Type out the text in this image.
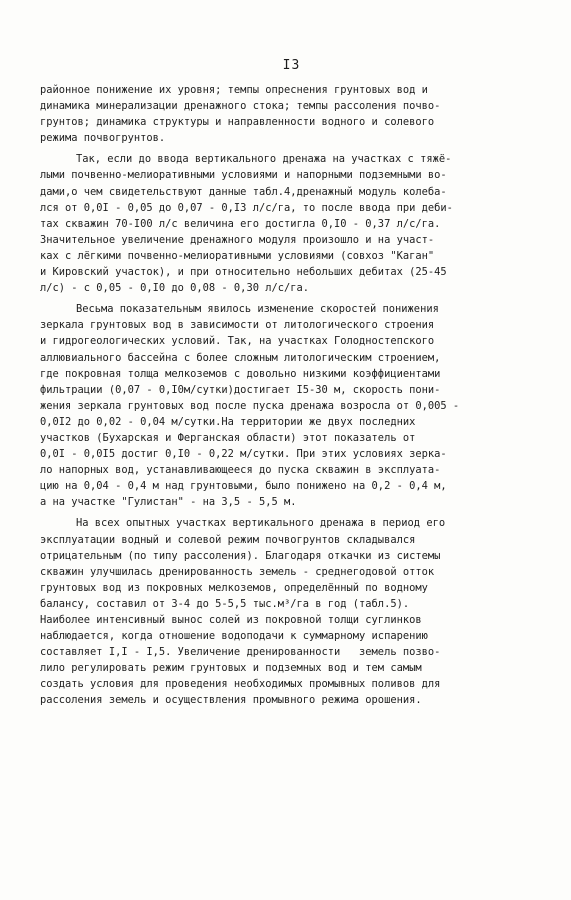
I3
районное понижение их уровня; темпы опреснения грунтовых вод и
динамика минерализации дренажного стока; темпы рассоления почво-
грунтов; динамика структуры и направленности водного и солевого
режима почвогрунтов.
Так, если до ввода вертикального дренажа на участках с тяжё-
лыми почвенно-мелиоративными условиями и напорными подземными во-
дами,о чем свидетельствуют данные табл.4,дренажный модуль колеба-
лся от 0,0I - 0,05 до 0,07 - 0,I3 л/с/га, то после ввода при деби-
тах скважин 70-I00 л/с величина его достигла 0,I0 - 0,37 л/с/га.
Значительное увеличение дренажного модуля произошло и на участ-
ках с лёгкими почвенно-мелиоративными условиями (совхоз "Каган"
и Кировский участок), и при относительно небольших дебитах (25-45
л/с) - с 0,05 - 0,I0 до 0,08 - 0,30 л/с/га.
Весьма показательным явилось изменение скоростей понижения
зеркала грунтовых вод в зависимости от литологического строения
и гидрогеологических условий. Так, на участках Голодностепского
аллювиального бассейна с более сложным литологическим строением,
где покровная толща мелкоземов с довольно низкими коэффициентами
фильтрации (0,07 - 0,I0м/сутки)достигает I5-30 м, скорость пони-
жения зеркала грунтовых вод после пуска дренажа возросла от 0,005 -
0,0I2 до 0,02 - 0,04 м/сутки.На территории же двух последних
участков (Бухарская и Ферганская области) этот показатель от
0,0I - 0,0I5 достиг 0,I0 - 0,22 м/сутки. При этих условиях зерка-
ло напорных вод, устанавливающееся до пуска скважин в эксплуата-
цию на 0,04 - 0,4 м над грунтовыми, было понижено на 0,2 - 0,4 м,
а на участке "Гулистан" - на 3,5 - 5,5 м.
На всех опытных участках вертикального дренажа в период его
эксплуатации водный и солевой режим почвогрунтов складывался
отрицательным (по типу рассоления). Благодаря откачки из системы
скважин улучшилась дренированность земель - среднегодовой отток
грунтовых вод из покровных мелкоземов, определённый по водному
балансу, составил от 3-4 до 5-5,5 тыс.м³/га в год (табл.5).
Наиболее интенсивный вынос солей из покровной толщи суглинков
наблюдается, когда отношение водоподачи к суммарному испарению
составляет I,I - I,5. Увеличение дренированности   земель позво-
лило регулировать режим грунтовых и подземных вод и тем самым
создать условия для проведения необходимых промывных поливов для
рассоления земель и осуществления промывного режима орошения.
